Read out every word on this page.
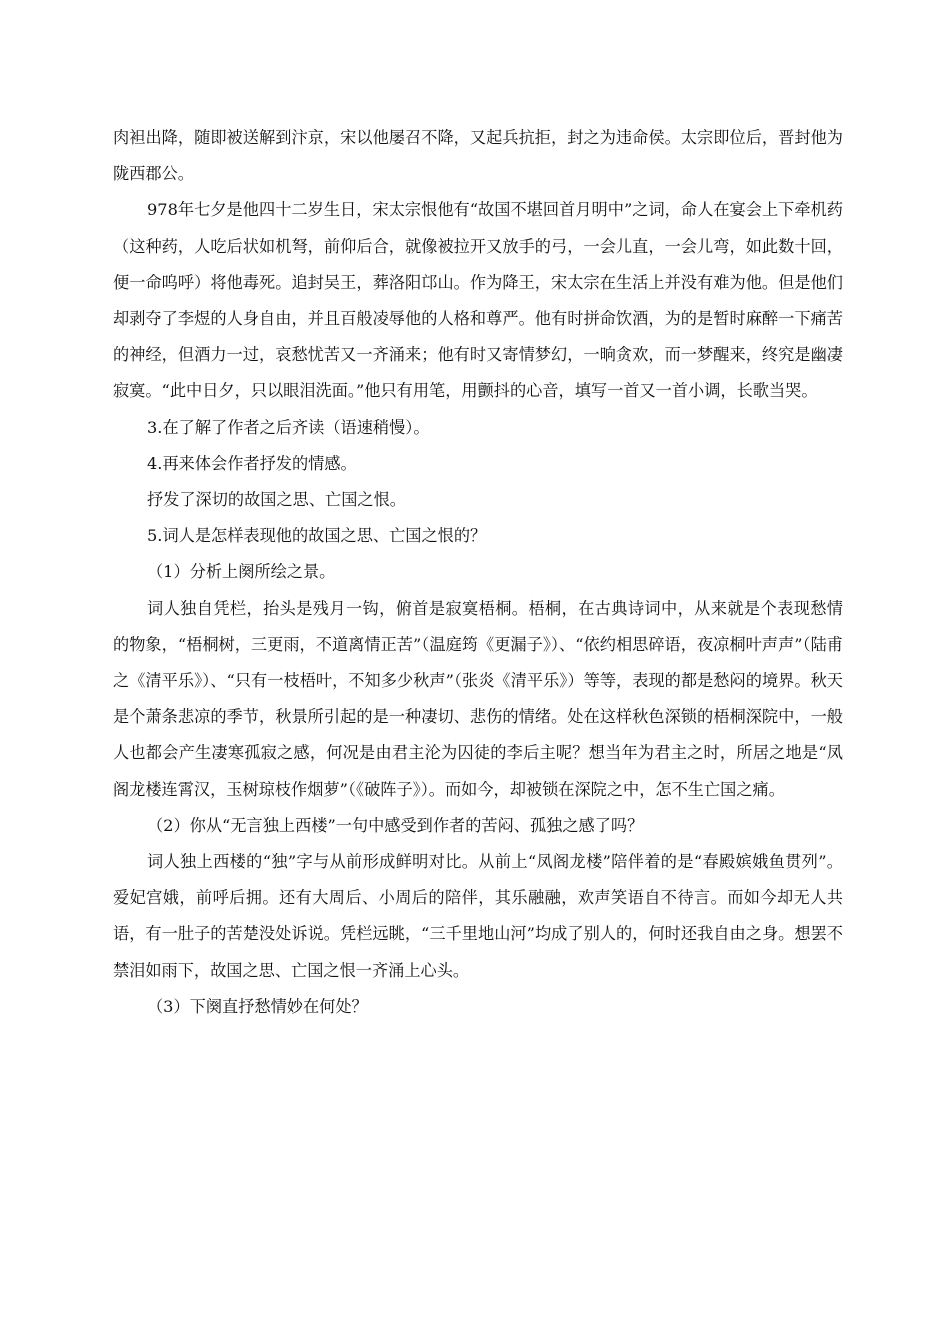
肉袒出降，随即被送解到汴京，宋以他屡召不降，又起兵抗拒，封之为违命侯。太宗即位后，晋封他为陇西郡公。

978年七夕是他四十二岁生日，宋太宗恨他有“故国不堪回首月明中”之词，命人在宴会上下牵机药（这种药，人吃后状如机弩，前仰后合，就像被拉开又放手的弓，一会儿直，一会儿弯，如此数十回，便一命呜呼）将他毒死。追封吴王，葬洛阳邙山。作为降王，宋太宗在生活上并没有难为他。但是他们却剥夺了李煜的人身自由，并且百般凌辱他的人格和尊严。他有时拼命饮酒，为的是暂时麻醉一下痛苦的神经，但酒力一过，哀愁忧苦又一齐涌来；他有时又寄情梦幻，一晌贪欢，而一梦醒来，终究是幽凄寂寞。“此中日夕，只以眼泪洗面。”他只有用笔，用颤抖的心音，填写一首又一首小调，长歌当哭。

3.在了解了作者之后齐读（语速稍慢）。

4.再来体会作者抒发的情感。

抒发了深切的故国之思、亡国之恨。

5.词人是怎样表现他的故国之思、亡国之恨的？

（1）分析上阕所绘之景。

词人独自凭栏，抬头是残月一钩，俯首是寂寞梧桐。梧桐，在古典诗词中，从来就是个表现愁情的物象，“梧桐树，三更雨，不道离情正苦”（温庭筠《更漏子》）、“依约相思碎语，夜凉桐叶声声”（陆甫之《清平乐》）、“只有一枝梧叶，不知多少秋声”（张炎《清平乐》）等等，表现的都是愁闷的境界。秋天是个萧条悲凉的季节，秋景所引起的是一种凄切、悲伤的情绪。处在这样秋色深锁的梧桐深院中，一般人也都会产生凄寒孤寂之感，何况是由君主沦为囚徒的李后主呢？想当年为君主之时，所居之地是“凤阁龙楼连霄汉，玉树琼枝作烟萝”（《破阵子》）。而如今，却被锁在深院之中，怎不生亡国之痛。

（2）你从“无言独上西楼”一句中感受到作者的苦闷、孤独之感了吗？

词人独上西楼的“独”字与从前形成鲜明对比。从前上“凤阁龙楼”陪伴着的是“春殿嫔娥鱼贯列”。爱妃宫娥，前呼后拥。还有大周后、小周后的陪伴，其乐融融，欢声笑语自不待言。而如今却无人共语，有一肚子的苦楚没处诉说。凭栏远眺，“三千里地山河”均成了别人的，何时还我自由之身。想罢不禁泪如雨下，故国之思、亡国之恨一齐涌上心头。

（3）下阕直抒愁情妙在何处？
